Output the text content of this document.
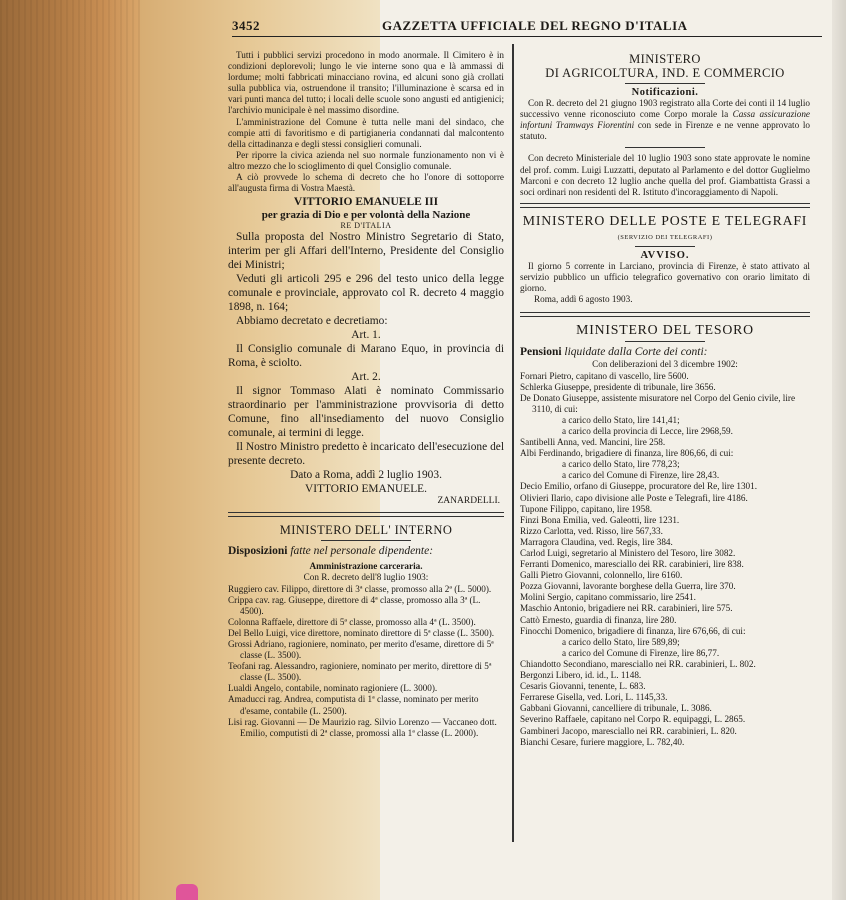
3452	GAZZETTA UFFICIALE DEL REGNO D'ITALIA

Tutti i pubblici servizi procedono in modo anormale. Il Cimitero è in condizioni deplorevoli; lungo le vie interne sono qua e là ammassi di lordume; molti fabbricati minacciano rovina, ed alcuni sono già crollati sulla pubblica via, ostruendone il transito; l'illuminazione è scarsa ed in vari punti manca del tutto; i locali delle scuole sono angusti ed antigienici; l'archivio municipale è nel massimo disordine.

L'amministrazione del Comune è tutta nelle mani del sindaco, che compie atti di favoritismo e di partigianeria condannati dal malcontento della cittadinanza e degli stessi consiglieri comunali.

Per riporre la civica azienda nel suo normale funzionamento non vi è altro mezzo che lo scioglimento di quel Consiglio comunale.

A ciò provvede lo schema di decreto che ho l'onore di sottoporre all'augusta firma di Vostra Maestà.

VITTORIO EMANUELE III
per grazia di Dio e per volontà della Nazione
RE D'ITALIA

Sulla proposta del Nostro Ministro Segretario di Stato, interim per gli Affari dell'Interno, Presidente del Consiglio dei Ministri;

Veduti gli articoli 295 e 296 del testo unico della legge comunale e provinciale, approvato col R. decreto 4 maggio 1898, n. 164;

Abbiamo decretato e decretiamo:

Art. 1.

Il Consiglio comunale di Marano Equo, in provincia di Roma, è sciolto.

Art. 2.

Il signor Tommaso Alati è nominato Commissario straordinario per l'amministrazione provvisoria di detto Comune, fino all'insediamento del nuovo Consiglio comunale, ai termini di legge.

Il Nostro Ministro predetto è incaricato dell'esecuzione del presente decreto.

Dato a Roma, addì 2 luglio 1903.
VITTORIO EMANUELE.
ZANARDELLI.
MINISTERO DELL' INTERNO
Disposizioni fatte nel personale dipendente:
Amministrazione carceraria.
Con R. decreto dell'8 luglio 1903:
Ruggiero cav. Filippo, direttore di 3ª classe, promosso alla 2ª (L. 5000).
Crippa cav. rag. Giuseppe, direttore di 4ª classe, promosso alla 3ª (L. 4500).
Colonna Raffaele, direttore di 5ª classe, promosso alla 4ª (L. 3500).
Del Bello Luigi, vice direttore, nominato direttore di 5ª classe (L. 3500).
Grossi Adriano, ragioniere, nominato, per merito d'esame, direttore di 5ª classe (L. 3500).
Teofani rag. Alessandro, ragioniere, nominato per merito, direttore di 5ª classe (L. 3500).
Lualdi Angelo, contabile, nominato ragioniere (L. 3000).
Amaducci rag. Andrea, computista di 1ª classe, nominato per merito d'esame, contabile (L. 2500).
Lisi rag. Giovanni — De Maurizio rag. Silvio Lorenzo — Vaccaneo dott. Emilio, computisti di 2ª classe, promossi alla 1ª classe (L. 2000).
MINISTERO
DI AGRICOLTURA, IND. E COMMERCIO
Notificazioni.

Con R. decreto del 21 giugno 1903 registrato alla Corte dei conti il 14 luglio successivo venne riconosciuto come Corpo morale la Cassa assicurazione infortuni Tramways Fiorentini con sede in Firenze e ne venne approvato lo statuto.

Con decreto Ministeriale del 10 luglio 1903 sono state approvate le nomine del prof. comm. Luigi Luzzatti, deputato al Parlamento e del dottor Guglielmo Marconi e con decreto 12 luglio anche quella del prof. Giambattista Grassi a soci ordinari non residenti del R. Istituto d'incoraggiamento di Napoli.

MINISTERO DELLE POSTE E TELEGRAFI
(SERVIZIO DEI TELEGRAFI)
AVVISO.

Il giorno 5 corrente in Larciano, provincia di Firenze, è stato attivato al servizio pubblico un ufficio telegrafico governativo con orario limitato di giorno.

Roma, addì 6 agosto 1903.
MINISTERO DEL TESORO
Pensioni liquidate dalla Corte dei conti:
Con deliberazioni del 3 dicembre 1902:
Fornari Pietro, capitano di vascello, lire 5600.
Schlerka Giuseppe, presidente di tribunale, lire 3656.
De Donato Giuseppe, assistente misuratore nel Corpo del Genio civile, lire 3110, di cui:
a carico dello Stato, lire 141,41;
a carico della provincia di Lecce, lire 2968,59.
Santibelli Anna, ved. Mancini, lire 258.
Albi Ferdinando, brigadiere di finanza, lire 806,66, di cui:
a carico dello Stato, lire 778,23;
a carico del Comune di Firenze, lire 28,43.
Decio Emilio, orfano di Giuseppe, procuratore del Re, lire 1301.
Olivieri Ilario, capo divisione alle Poste e Telegrafi, lire 4186.
Tupone Filippo, capitano, lire 1958.
Finzi Bona Emilia, ved. Galeotti, lire 1231.
Rizzo Carlotta, ved. Risso, lire 567,33.
Marragora Claudina, ved. Regis, lire 384.
Carlod Luigi, segretario al Ministero del Tesoro, lire 3082.
Ferranti Domenico, maresciallo dei RR. carabinieri, lire 838.
Galli Pietro Giovanni, colonnello, lire 6160.
Pozza Giovanni, lavorante borghese della Guerra, lire 370.
Molini Sergio, capitano commissario, lire 2541.
Maschio Antonio, brigadiere nei RR. carabinieri, lire 575.
Cattò Ernesto, guardia di finanza, lire 280.
Finocchi Domenico, brigadiere di finanza, lire 676,66, di cui:
a carico dello Stato, lire 589,89;
a carico del Comune di Firenze, lire 86,77.
Chiandotto Secondiano, maresciallo nei RR. carabinieri, L. 802.
Bergonzi Libero, id. id., L. 1148.
Cesaris Giovanni, tenente, L. 683.
Ferrarese Gisella, ved. Lori, L. 1145,33.
Gabbani Giovanni, cancelliere di tribunale, L. 3086.
Severino Raffaele, capitano nel Corpo R. equipaggi, L. 2865.
Gambineri Jacopo, maresciallo nei RR. carabinieri, L. 820.
Bianchi Cesare, furiere maggiore, L. 782,40.
